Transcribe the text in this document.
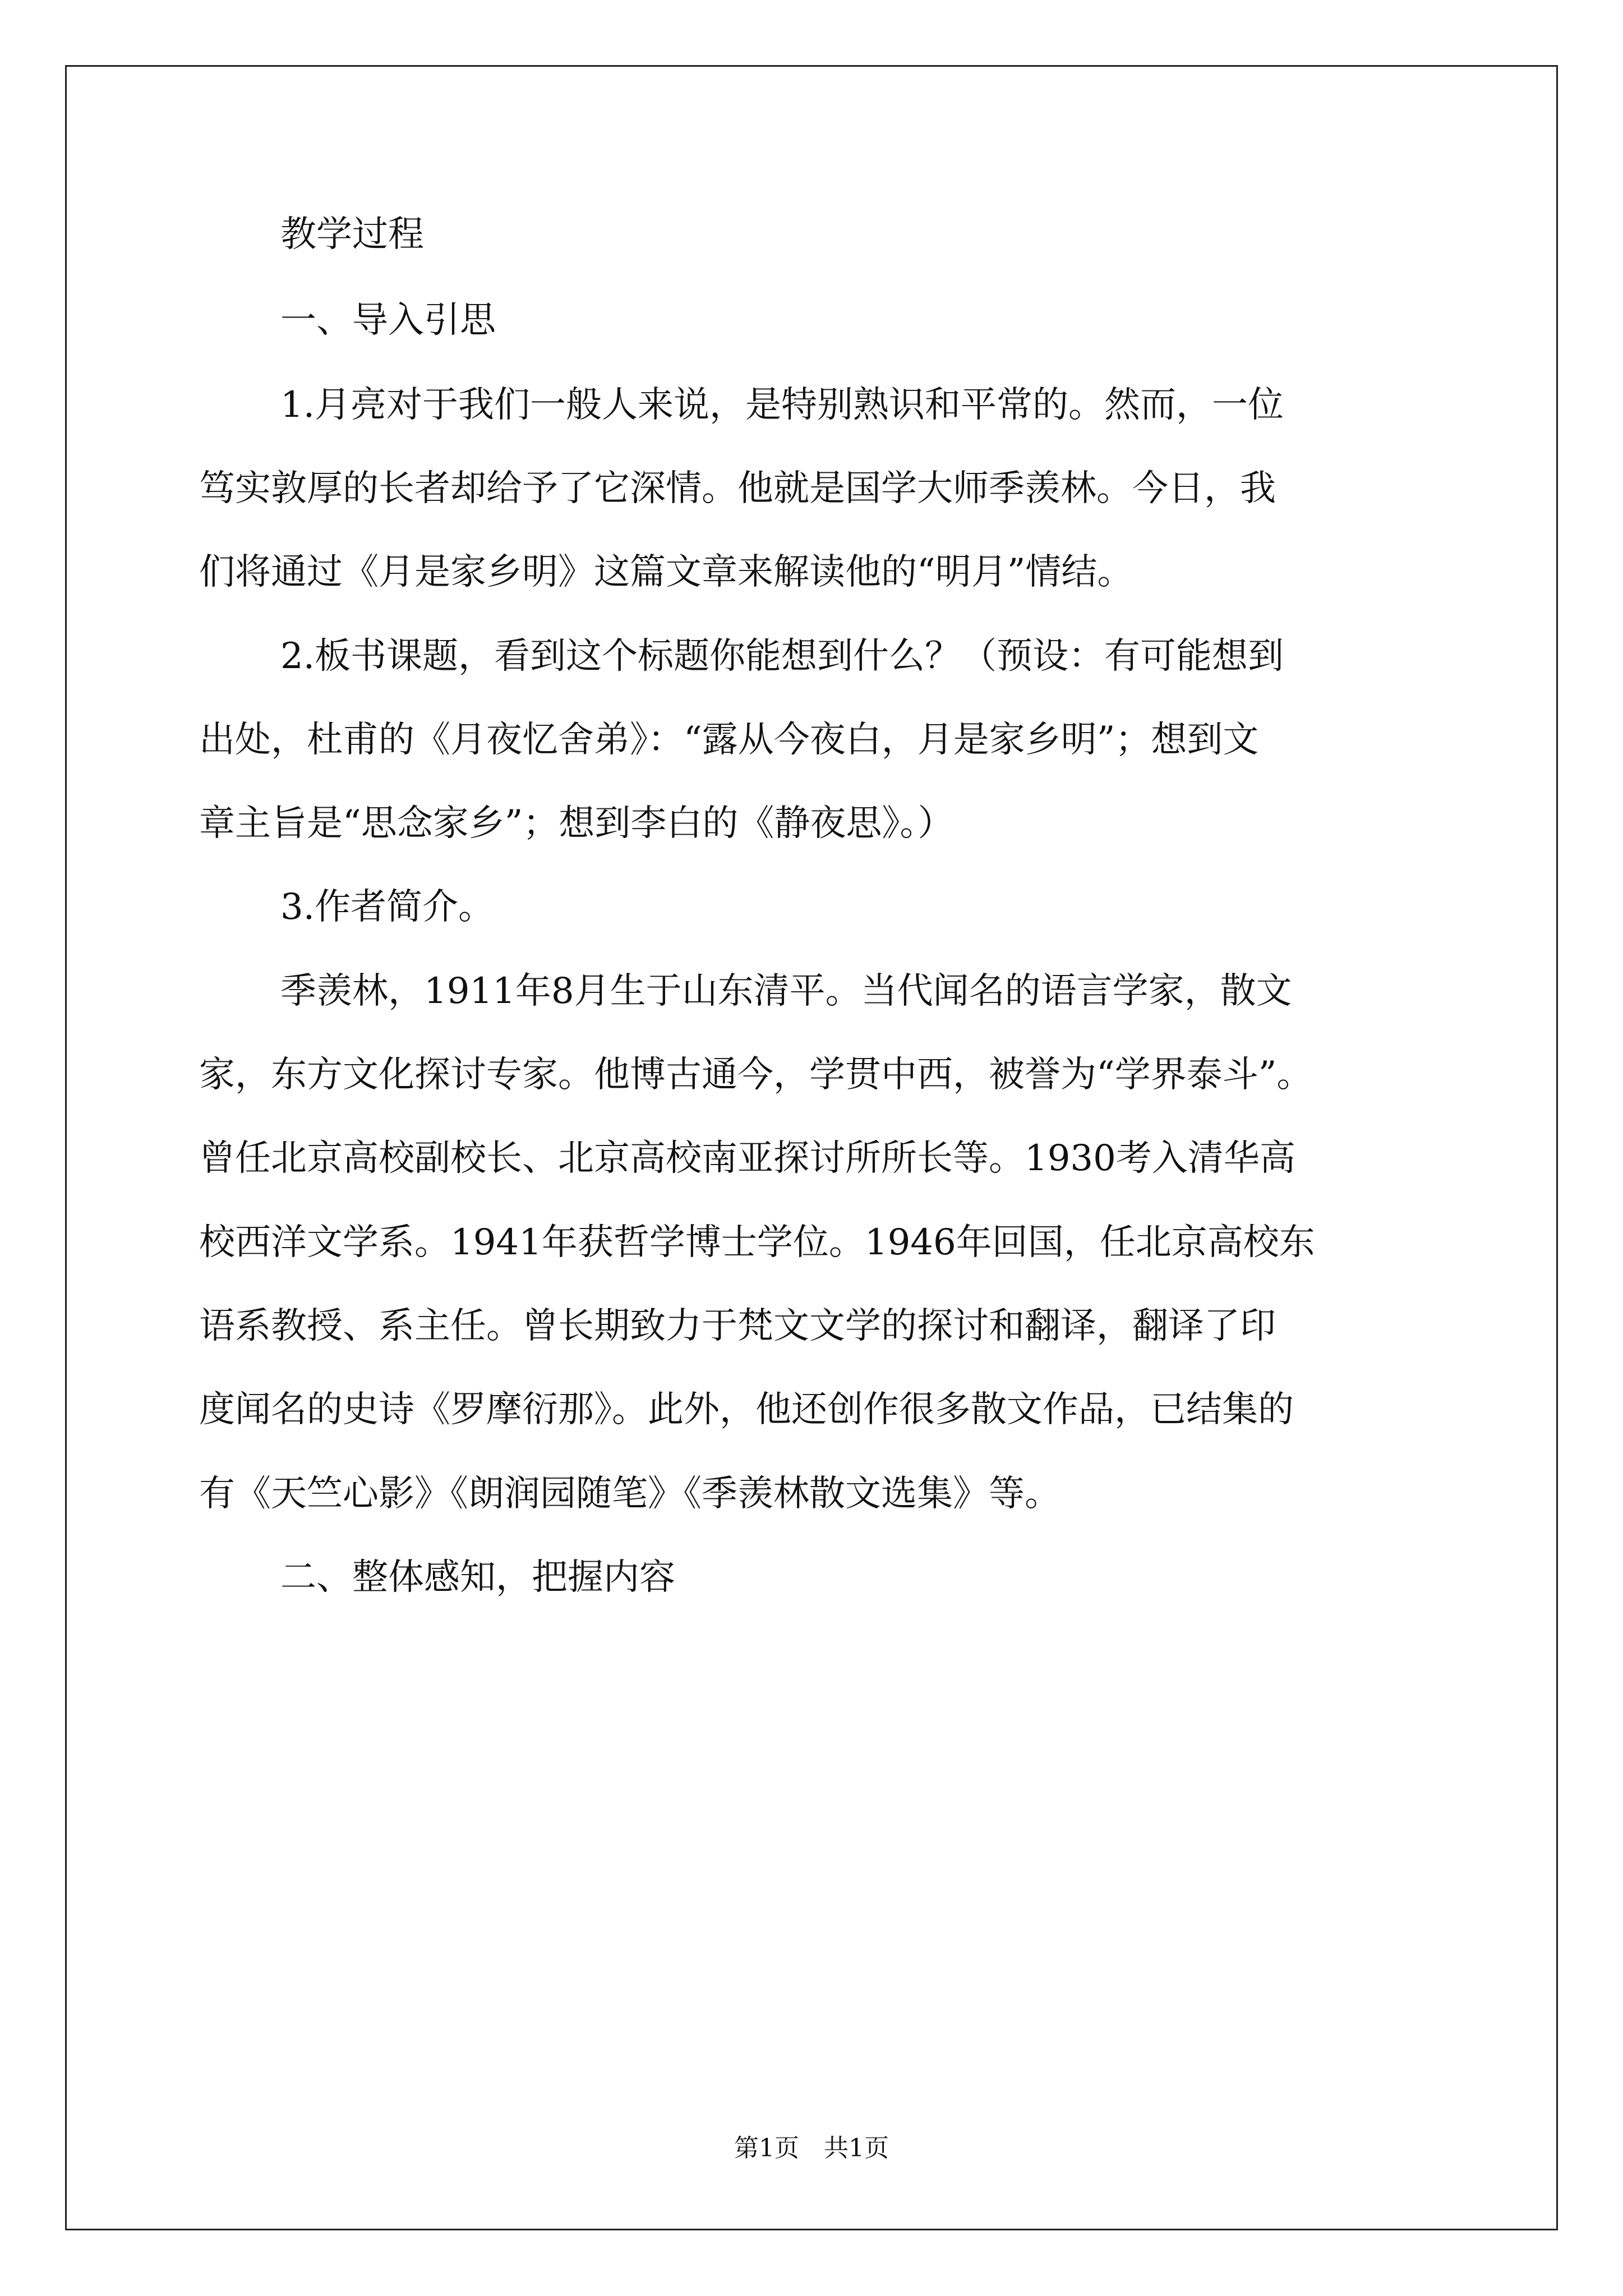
教学过程
一、导入引思
1.月亮对于我们一般人来说，是特别熟识和平常的。然而，一位
笃实敦厚的长者却给予了它深情。他就是国学大师季羡林。今日，我
们将通过《月是家乡明》这篇文章来解读他的“明月”情结。
2.板书课题，看到这个标题你能想到什么？（预设：有可能想到
出处，杜甫的《月夜忆舍弟》：“露从今夜白，月是家乡明”；想到文
章主旨是“思念家乡”；想到李白的《静夜思》。）
3.作者简介。
季羡林，1911年8月生于山东清平。当代闻名的语言学家，散文
家，东方文化探讨专家。他博古通今，学贯中西，被誉为“学界泰斗”。
曾任北京高校副校长、北京高校南亚探讨所所长等。1930考入清华高
校西洋文学系。1941年获哲学博士学位。1946年回国，任北京高校东
语系教授、系主任。曾长期致力于梵文文学的探讨和翻译，翻译了印
度闻名的史诗《罗摩衍那》。此外，他还创作很多散文作品，已结集的
有《天竺心影》《朗润园随笔》《季羡林散文选集》等。
二、整体感知，把握内容
第1页　共1页
